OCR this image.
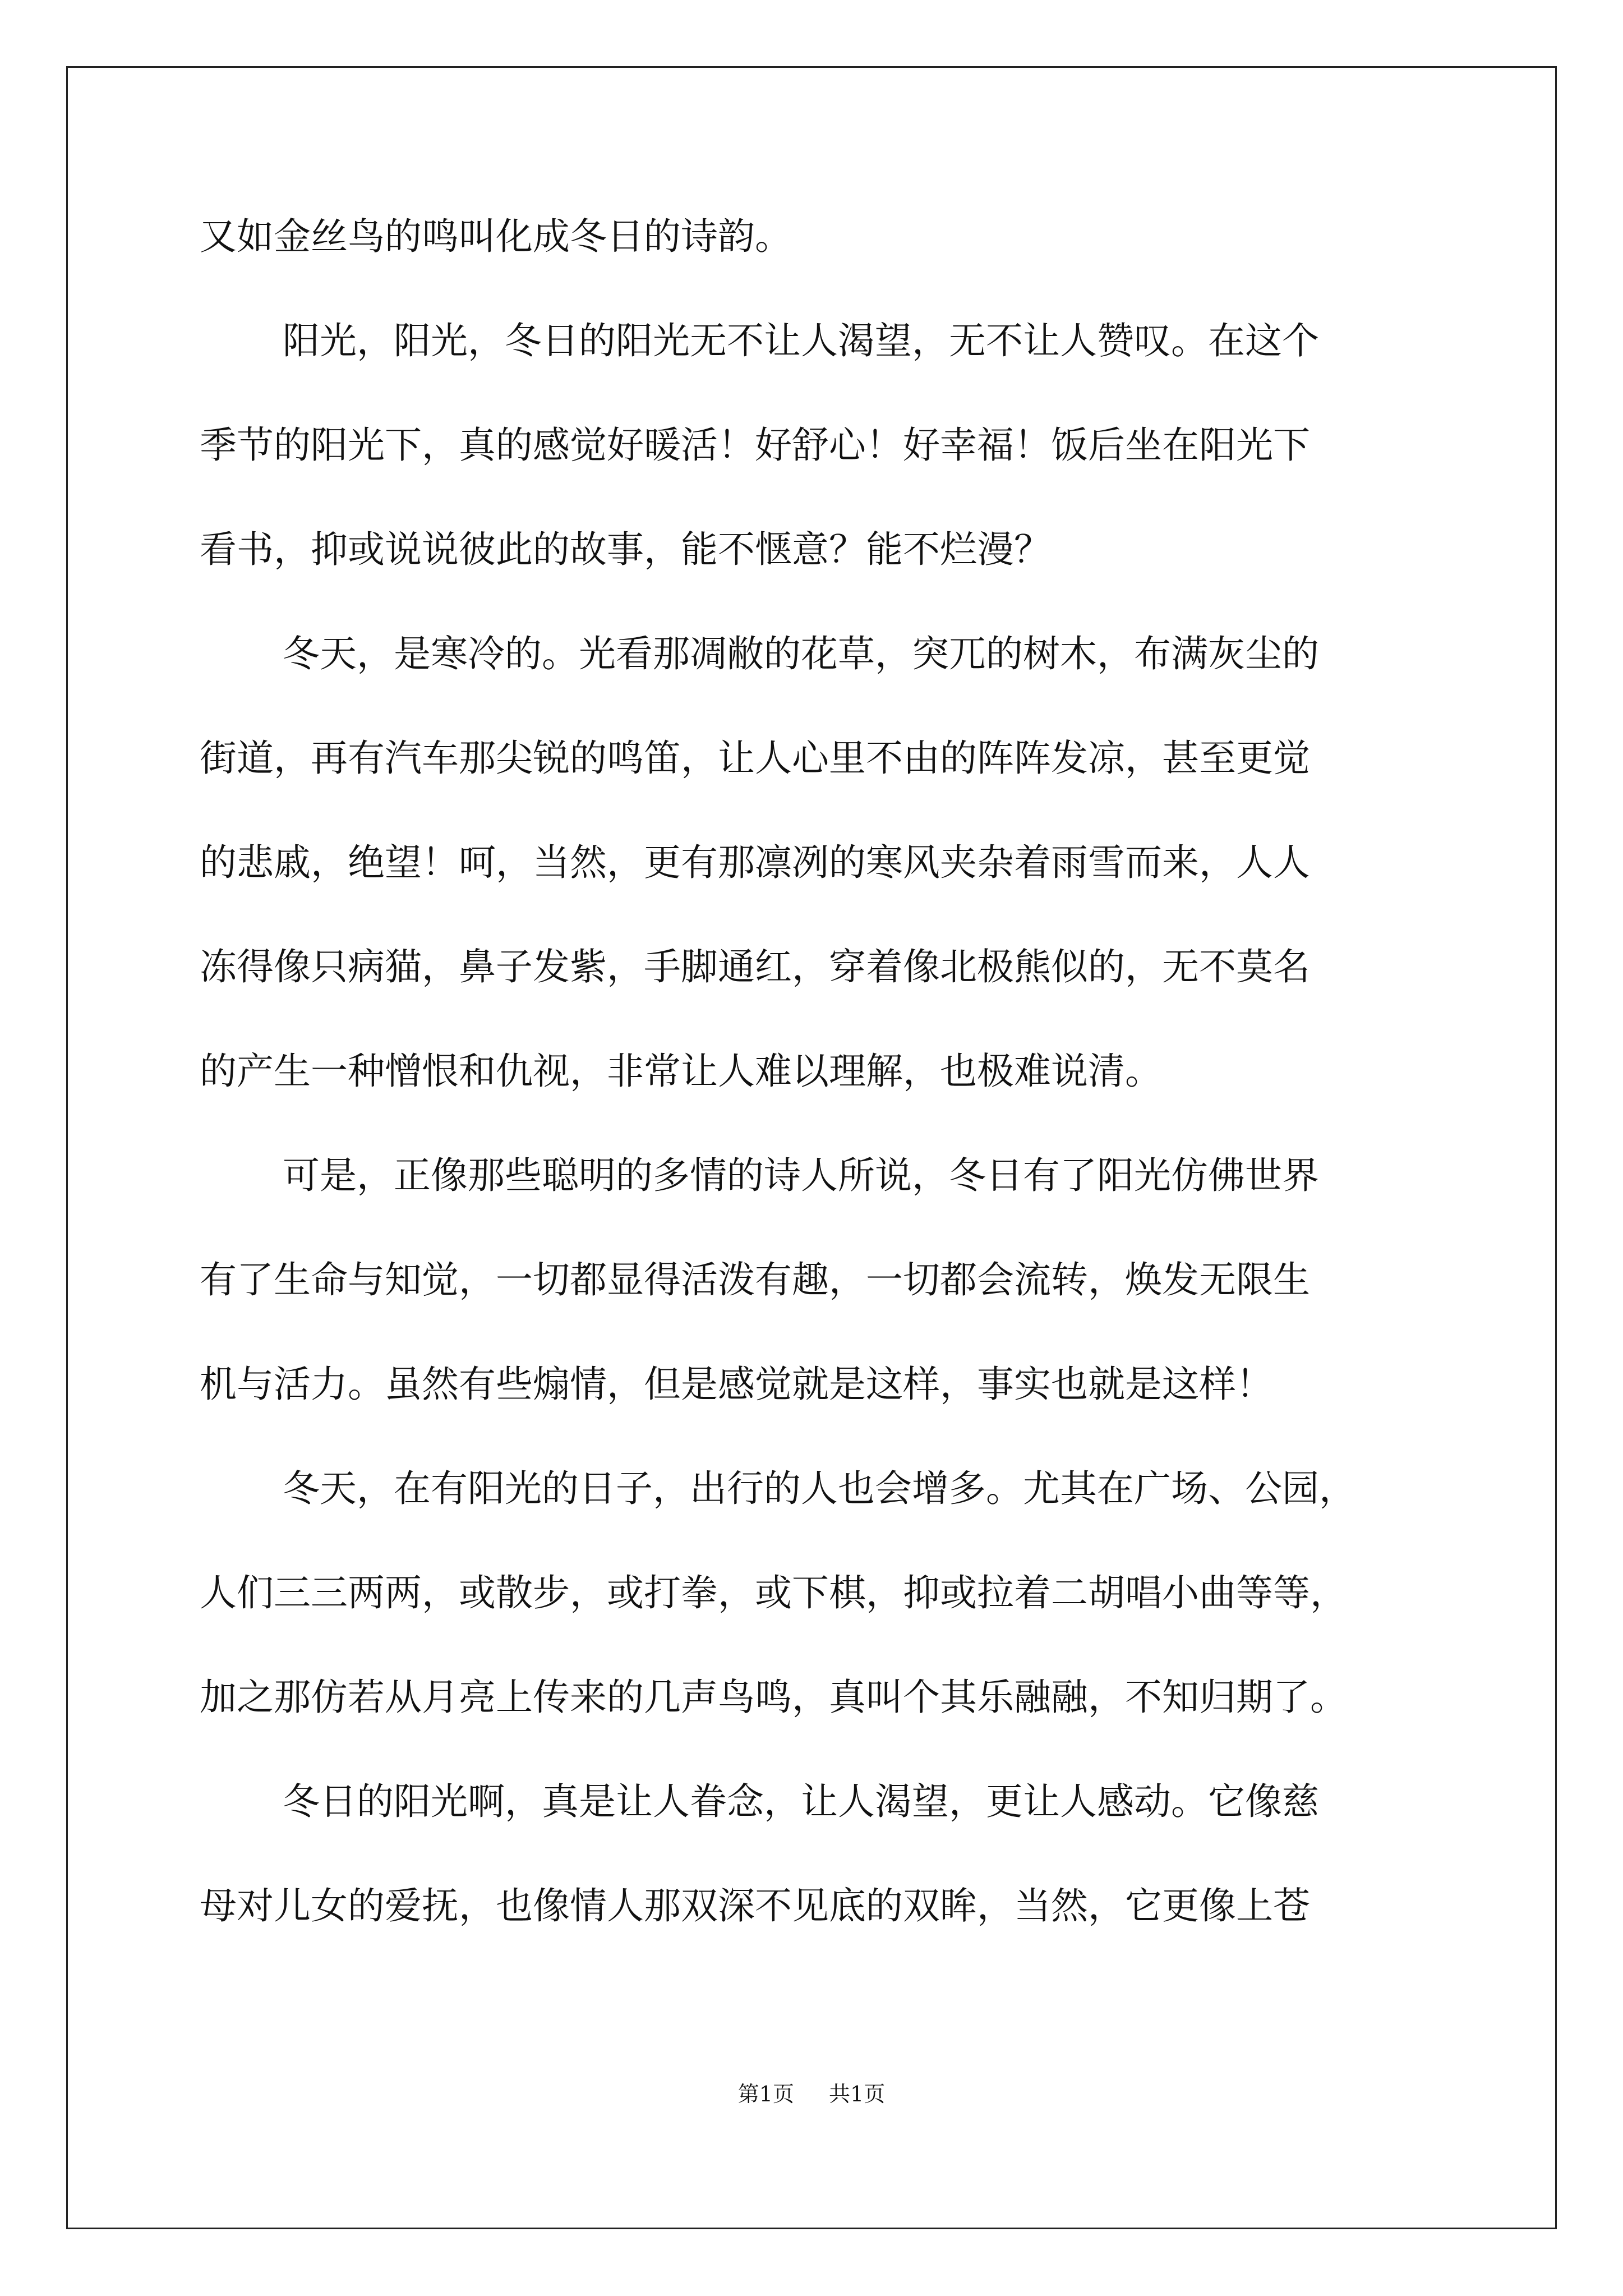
又如金丝鸟的鸣叫化成冬日的诗韵。
阳光，阳光，冬日的阳光无不让人渴望，无不让人赞叹。在这个
季节的阳光下，真的感觉好暖活！好舒心！好幸福！饭后坐在阳光下
看书，抑或说说彼此的故事，能不惬意？能不烂漫？
冬天，是寒冷的。光看那凋敝的花草，突兀的树木，布满灰尘的
街道，再有汽车那尖锐的鸣笛，让人心里不由的阵阵发凉，甚至更觉
的悲戚，绝望！呵，当然，更有那凛冽的寒风夹杂着雨雪而来，人人
冻得像只病猫，鼻子发紫，手脚通红，穿着像北极熊似的，无不莫名
的产生一种憎恨和仇视，非常让人难以理解，也极难说清。
可是，正像那些聪明的多情的诗人所说，冬日有了阳光仿佛世界
有了生命与知觉，一切都显得活泼有趣，一切都会流转，焕发无限生
机与活力。虽然有些煽情，但是感觉就是这样，事实也就是这样！
冬天，在有阳光的日子，出行的人也会增多。尤其在广场、公园，
人们三三两两，或散步，或打拳，或下棋，抑或拉着二胡唱小曲等等，
加之那仿若从月亮上传来的几声鸟鸣，真叫个其乐融融，不知归期了。
冬日的阳光啊，真是让人眷念，让人渴望，更让人感动。它像慈
母对儿女的爱抚，也像情人那双深不见底的双眸，当然，它更像上苍
第1页 共1页
